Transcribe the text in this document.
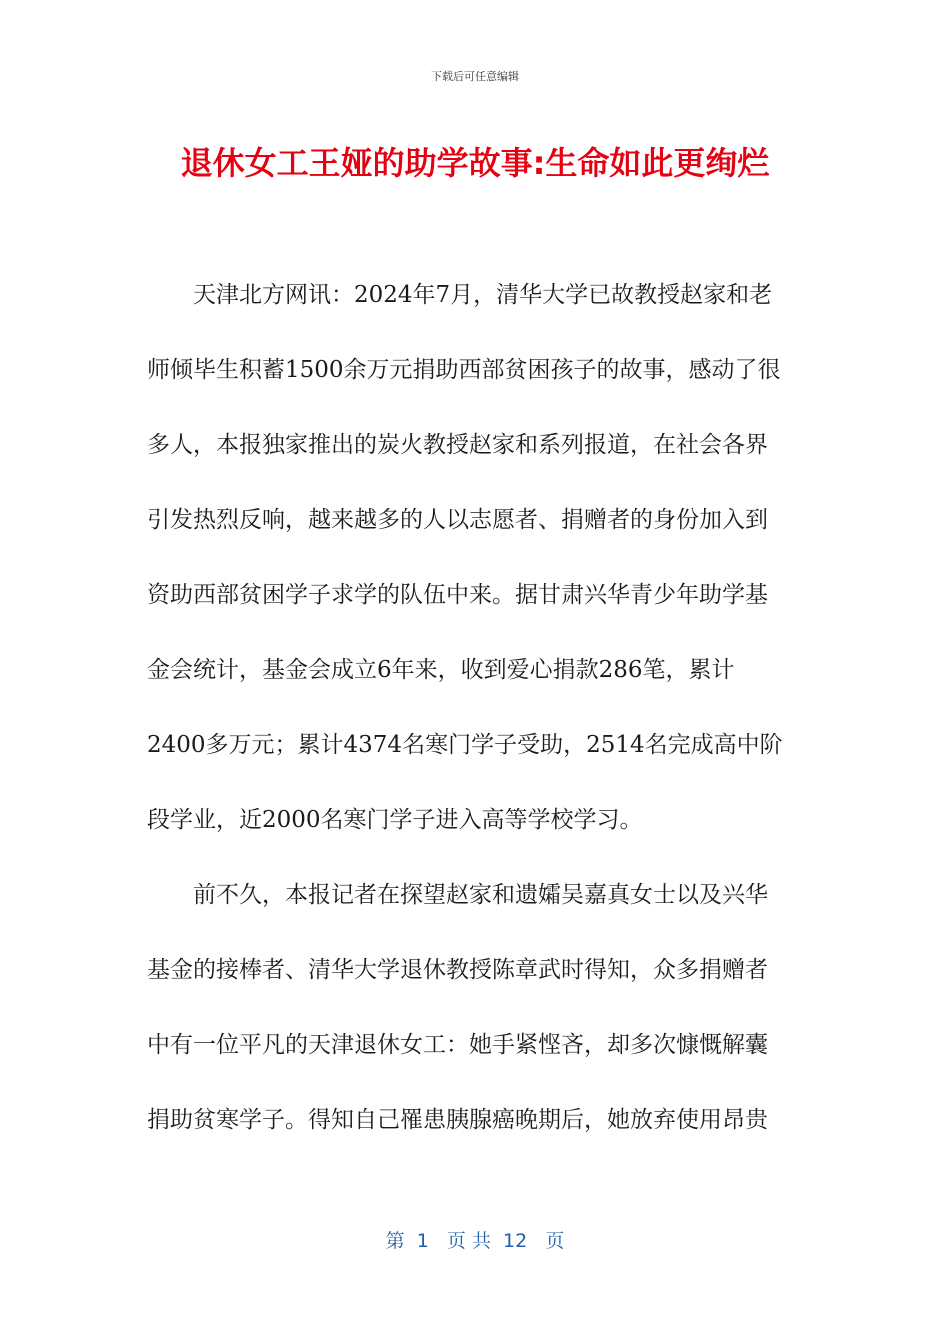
下载后可任意编辑
退休女工王娅的助学故事:生命如此更绚烂
天津北方网讯：2024年7月，清华大学已故教授赵家和老
师倾毕生积蓄1500余万元捐助西部贫困孩子的故事，感动了很
多人，本报独家推出的炭火教授赵家和系列报道，在社会各界
引发热烈反响，越来越多的人以志愿者、捐赠者的身份加入到
资助西部贫困学子求学的队伍中来。据甘肃兴华青少年助学基
金会统计，基金会成立6年来，收到爱心捐款286笔，累计
2400多万元；累计4374名寒门学子受助，2514名完成高中阶
段学业，近2000名寒门学子进入高等学校学习。
前不久，本报记者在探望赵家和遗孀吴嘉真女士以及兴华
基金的接棒者、清华大学退休教授陈章武时得知，众多捐赠者
中有一位平凡的天津退休女工：她手紧悭吝，却多次慷慨解囊
捐助贫寒学子。得知自己罹患胰腺癌晚期后，她放弃使用昂贵
第  1   页 共  12   页
